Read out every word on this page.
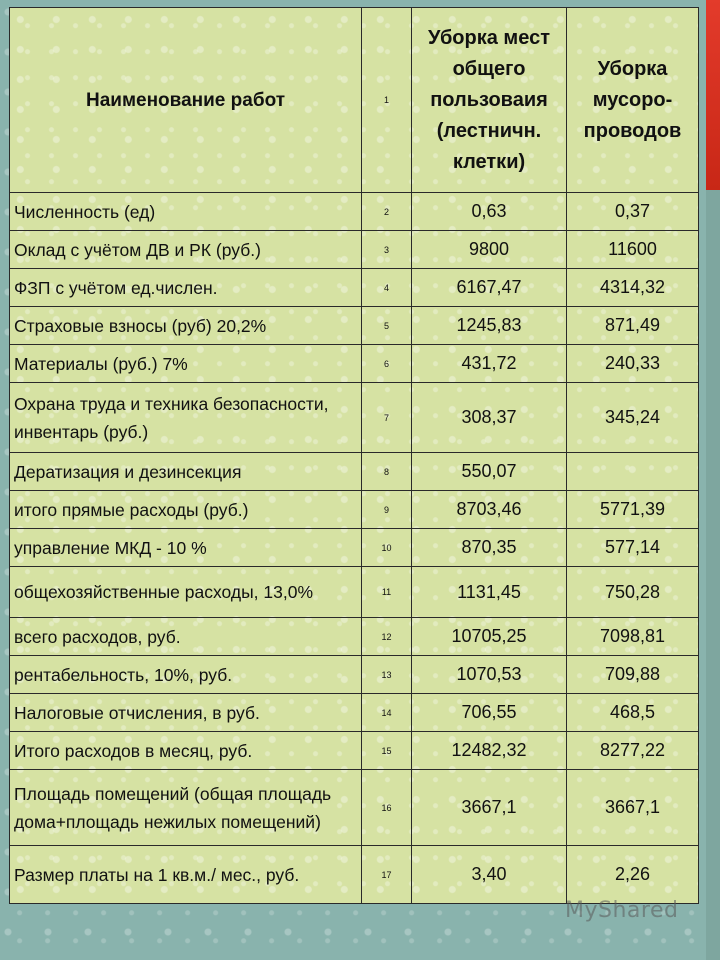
Наименование работ	1	Уборка мест общего пользоваия (лестничн. клетки)	Уборка мусоро-проводов
Численность (ед)	2	0,63	0,37
Оклад с учётом ДВ и РК (руб.)	3	9800	11600
ФЗП с учётом ед.числен.	4	6167,47	4314,32
Страховые взносы (руб) 20,2%	5	1245,83	871,49
Материалы (руб.) 7%	6	431,72	240,33
Охрана труда и техника безопасности, инвентарь (руб.)	7	308,37	345,24
Дератизация и дезинсекция	8	550,07	
итого прямые расходы (руб.)	9	8703,46	5771,39
управление МКД - 10 %	10	870,35	577,14
общехозяйственные расходы, 13,0%	11	1131,45	750,28
всего расходов, руб.	12	10705,25	7098,81
рентабельность, 10%, руб.	13	1070,53	709,88
Налоговые отчисления, в руб.	14	706,55	468,5
Итого расходов в месяц, руб.	15	12482,32	8277,22
Площадь помещений (общая площадь дома+площадь нежилых помещений)	16	3667,1	3667,1
Размер платы на 1 кв.м./ мес., руб.	17	3,40	2,26
MyShared
